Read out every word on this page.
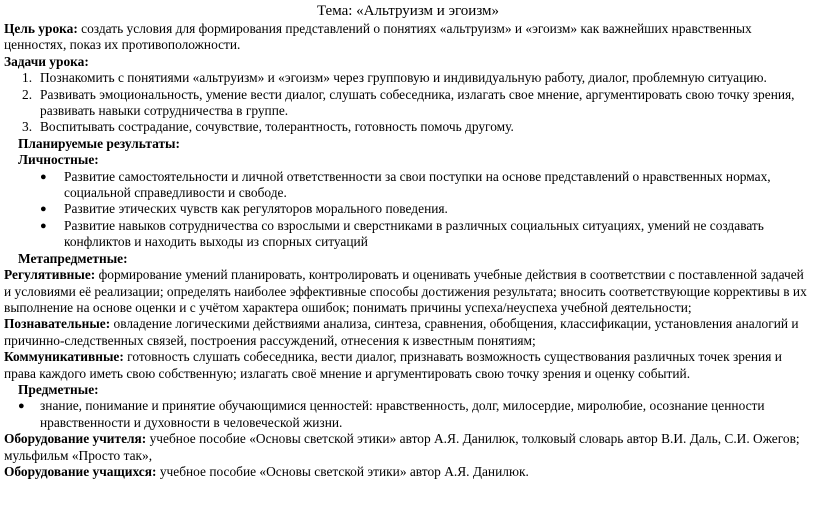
Тема: «Альтруизм и эгоизм»

Цель урока: создать условия для формирования представлений о понятиях «альтруизм» и «эгоизм» как важнейших нравственных ценностях, показ их противоположности.

Задачи урока:

1. Познакомить с понятиями «альтруизм» и «эгоизм» через групповую и индивидуальную работу, диалог, проблемную ситуацию.
2. Развивать эмоциональность, умение вести диалог, слушать собеседника, излагать свое мнение, аргументировать свою точку зрения, развивать навыки сотрудничества в группе.
3. Воспитывать сострадание, сочувствие, толерантность, готовность помочь другому.

Планируемые результаты:

Личностные:

● Развитие самостоятельности и личной ответственности за свои поступки на основе представлений о нравственных нормах, социальной справедливости и свободе.
● Развитие этических чувств как регуляторов морального поведения.
● Развитие навыков сотрудничества со взрослыми и сверстниками в различных социальных ситуациях, умений не создавать конфликтов и находить выходы из спорных ситуаций

Метапредметные:

Регулятивные: формирование умений планировать, контролировать и оценивать учебные действия в соответствии с поставленной задачей и условиями её реализации; определять наиболее эффективные способы достижения результата; вносить соответствующие коррективы в их выполнение на основе оценки и с учётом характера ошибок; понимать причины успеха/неуспеха учебной деятельности;

Познавательные: овладение логическими действиями анализа, синтеза, сравнения, обобщения, классификации, установления аналогий и причинно-следственных связей, построения рассуждений, отнесения к известным понятиям;

Коммуникативные: готовность слушать собеседника, вести диалог, признавать возможность существования различных точек зрения и права каждого иметь свою собственную; излагать своё мнение и аргументировать свою точку зрения и оценку событий.

Предметные:

● знание, понимание и принятие обучающимися ценностей: нравственность, долг, милосердие, миролюбие, осознание ценности нравственности и духовности в человеческой жизни.

Оборудование учителя: учебное пособие «Основы светской этики» автор А.Я. Данилюк, толковый словарь автор В.И. Даль, С.И. Ожегов; мульфильм «Просто так»,

Оборудование учащихся: учебное пособие «Основы светской этики» автор А.Я. Данилюк.
